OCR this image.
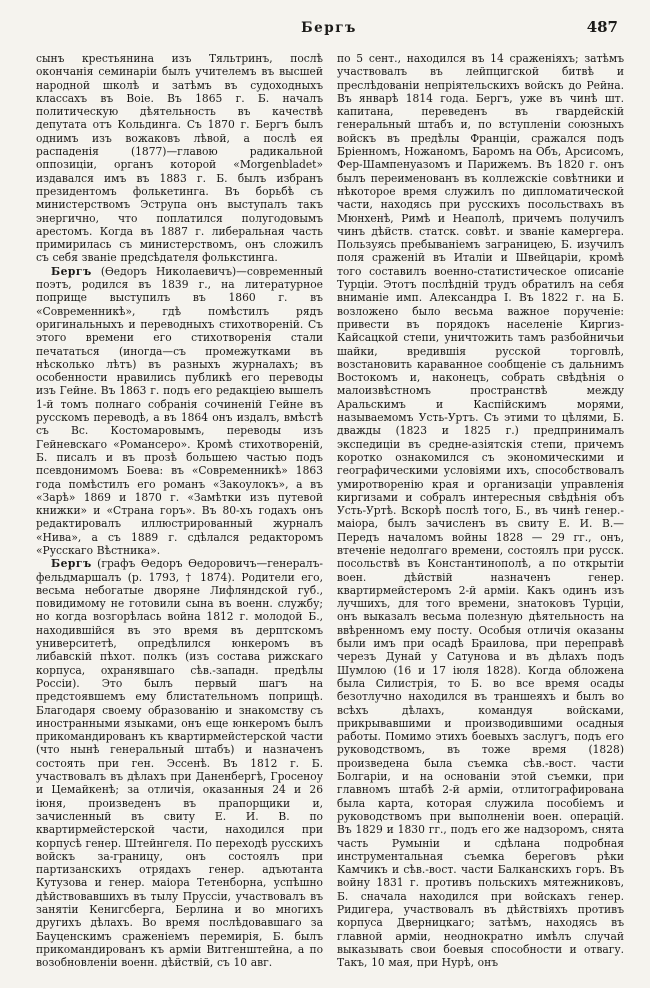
Бергъ	487

сынъ крестьянина изъ Тяльтринъ, послѣ окончанія семинаріи былъ учителемъ въ высшей народной школѣ и затѣмъ въ судоходныхъ классахъ въ Boie. Въ 1865 г. Б. началъ политическую дѣятельность въ качествѣ депутата отъ Кольдинга. Съ 1870 г. Бергъ былъ однимъ изъ вожаковъ лѣвой, а послѣ ея распаденія (1877)—главою радикальной оппозиціи, органъ которой «Morgenbladet» издавался имъ въ 1883 г. Б. былъ избранъ президентомъ фолькетинга. Въ борьбѣ съ министерствомъ Эструпа онъ выступалъ такъ энергично, что поплатился полугодовымъ арестомъ. Когда въ 1887 г. либеральная часть примирилась съ министерствомъ, онъ сложилъ съ себя званіе предсѣдателя фолькстинга.

Бергъ (Ѳедоръ Николаевичъ)—современный поэтъ, родился въ 1839 г., на литературное поприще выступилъ въ 1860 г. въ «Современникѣ», гдѣ помѣстилъ рядъ оригинальныхъ и переводныхъ стихотвореній. Съ этого времени его стихотворенія стали печататься (иногда—съ промежутками въ нѣсколько лѣтъ) въ разныхъ журналахъ; въ особенности нравились публикѣ его переводы изъ Гейне. Въ 1863 г. подъ его редакціею вышелъ 1-й томъ полнаго собранія сочиненій Гейне въ русскомъ переводѣ, а въ 1864 онъ издалъ, вмѣстѣ съ Вс. Костомаровымъ, переводы изъ Гейневскаго «Романсеро». Кромѣ стихотвореній, Б. писалъ и въ прозѣ большею частью подъ псевдонимомъ Боева: въ «Современникѣ» 1863 года помѣстилъ его романъ «Закоулокъ», а въ «Зарѣ» 1869 и 1870 г. «Замѣтки изъ путевой книжки» и «Страна горъ». Въ 80-хъ годахъ онъ редактировалъ иллюстрированный журналъ «Нива», а съ 1889 г. сдѣлался редакторомъ «Русскаго Вѣстника».

Бергъ (графъ Ѳедоръ Ѳедоровичъ—генералъ-фельдмаршалъ (р. 1793, † 1874). Родители его, весьма небогатые дворяне Лифляндской губ., повидимому не готовили сына въ военн. службу; но когда возгорѣлась война 1812 г. молодой Б., находившійся въ это время въ дерптскомъ университетѣ, опредѣлился юнкеромъ въ либавскій пѣхот. полкъ (изъ состава рижскаго корпуса, охранявшаго сѣв.-западн. предѣлы Россіи). Это былъ первый шагъ на предстоявшемъ ему блистательномъ поприщѣ. Благодаря своему образованію и знакомству съ иностранными языками, онъ еще юнкеромъ былъ прикомандированъ къ квартирмейстерской части (что нынѣ генеральный штабъ) и назначенъ состоять при ген. Эссенѣ. Въ 1812 г. Б. участвовалъ въ дѣлахъ при Даненбергѣ, Гросеноу и Цемайкенѣ; за отличія, оказанныя 24 и 26 іюня, произведенъ въ прапорщики и, зачисленный въ свиту Е. И. В. по квартирмейстерской части, находился при корпусѣ генер. Штейнгеля. По переходѣ русскихъ войскъ за-границу, онъ состоялъ при партизанскихъ отрядахъ генер. адъютанта Кутузова и генер. маіора Тетенборна, успѣшно дѣйствовавшихъ въ тылу Пруссіи, участвовалъ въ занятіи Кенигсберга, Берлина и во многихъ другихъ дѣлахъ. Во время послѣдовавшаго за Бауценскимъ сраженіемъ перемирія, Б. былъ прикомандированъ къ арміи Витгенштейна, а по возобновленіи военн. дѣйствій, съ 10 авг.

по 5 сент., находился въ 14 сраженіяхъ; затѣмъ участвовалъ въ лейпцигской битвѣ и преслѣдованіи непріятельскихъ войскъ до Рейна. Въ январѣ 1814 года. Бергъ, уже въ чинѣ шт. капитана, переведенъ въ гвардейскій генеральный штабъ и, по вступленіи союзныхъ войскъ въ предѣлы Франціи, сражался подъ Бріенномъ, Ножаномъ, Баромъ на Объ, Арсисомъ, Фер-Шампенуазомъ и Парижемъ. Въ 1820 г. онъ былъ переименованъ въ коллежскіе совѣтники и нѣкоторое время служилъ по дипломатической части, находясь при русскихъ посольствахъ въ Мюнхенѣ, Римѣ и Неаполѣ, причемъ получилъ чинъ дѣйств. статск. совѣт. и званіе камергера. Пользуясь пребываніемъ заграницею, Б. изучилъ поля сраженій въ Италіи и Швейцаріи, кромѣ того составилъ военно-статистическое описаніе Турціи. Этотъ послѣдній трудъ обратилъ на себя вниманіе имп. Александра I. Въ 1822 г. на Б. возложено было весьма важное порученіе: привести въ порядокъ населеніе Киргиз-Кайсацкой степи, уничтожить тамъ разбойничьи шайки, вредившія русской торговлѣ, возстановить караванное сообщеніе съ дальнимъ Востокомъ и, наконецъ, собрать свѣдѣнія о малоизвѣстномъ пространствѣ между Аральскимъ и Каспійскимъ морями, называемомъ Усть-Уртъ. Съ этими то цѣлями, Б. дважды (1823 и 1825 г.) предпринималъ экспедиціи въ средне-азіятскія степи, причемъ коротко ознакомился съ экономическими и географическими условіями ихъ, способствовалъ умиротворенію края и организаціи управленія киргизами и собралъ интересныя свѣдѣнія объ Усть-Уртѣ. Вскорѣ послѣ того, Б., въ чинѣ генер.-маіора, былъ зачисленъ въ свиту Е. И. В.—Передъ началомъ войны 1828 — 29 гг., онъ, втеченіе недолгаго времени, состоялъ при русск. посольствѣ въ Константинополѣ, а по открытіи воен. дѣйствій назначенъ генер. квартирмейстеромъ 2-й арміи. Какъ одинъ изъ лучшихъ, для того времени, знатоковъ Турціи, онъ выказалъ весьма полезную дѣятельность на ввѣренномъ ему посту. Особыя отличія оказаны были имъ при осадѣ Браилова, при переправѣ черезъ Дунай у Сатунова и въ дѣлахъ подъ Шумлою (16 и 17 іюля 1828). Когда обложена была Силистрія, то Б. во все время осады безотлучно находился въ траншеяхъ и былъ во всѣхъ дѣлахъ, командуя войсками, прикрывавшими и производившими осадныя работы. Помимо этихъ боевыхъ заслугъ, подъ его руководствомъ, въ тоже время (1828) произведена была съемка сѣв.-вост. части Болгаріи, и на основаніи этой съемки, при главномъ штабѣ 2-й арміи, отлитографирована была карта, которая служила пособіемъ и руководствомъ при выполненіи воен. операцій. Въ 1829 и 1830 гг., подъ его же надзоромъ, снята часть Румыніи и сдѣлана подробная инструментальная съемка береговъ рѣки Камчикъ и сѣв.-вост. части Балканскихъ горъ. Въ войну 1831 г. противъ польскихъ мятежниковъ, Б. сначала находился при войскахъ генер. Ридигера, участвовалъ въ дѣйствіяхъ противъ корпуса Дверницкаго; затѣмъ, находясь въ главной арміи, неоднократно имѣлъ случай выказывать свои боевыя способности и отвагу. Такъ, 10 мая, при Нурѣ, онъ
